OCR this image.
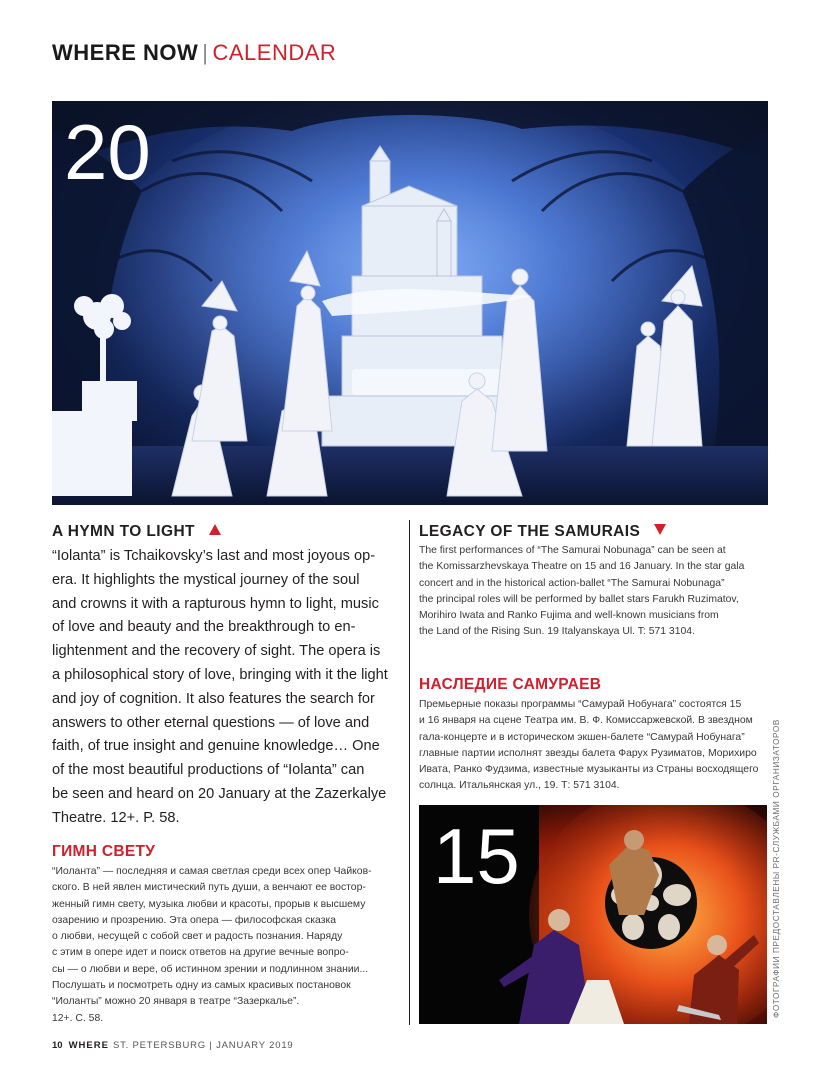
WHERE NOW | CALENDAR
20
A HYMN TO LIGHT
“Iolanta” is Tchaikovsky’s last and most joyous op-
era. It highlights the mystical journey of the soul
and crowns it with a rapturous hymn to light, music
of love and beauty and the breakthrough to en-
lightenment and the recovery of sight. The opera is
a philosophical story of love, bringing with it the light
and joy of cognition. It also features the search for
answers to other eternal questions — of love and
faith, of true insight and genuine knowledge… One
of the most beautiful productions of “Iolanta” can
be seen and heard on 20 January at the Zazerkalye
Theatre. 12+. P. 58.
ГИМН СВЕТУ
“Иоланта” — последняя и самая светлая среди всех опер Чайков-
ского. В ней явлен мистический путь души, а венчают ее востор-
женный гимн свету, музыка любви и красоты, прорыв к высшему
озарению и прозрению. Эта опера — философская сказка
о любви, несущей с собой свет и радость познания. Наряду
с этим в опере идет и поиск ответов на другие вечные вопро-
сы — о любви и вере, об истинном зрении и подлинном знании...
Послушать и посмотреть одну из самых красивых постановок
“Иоланты” можно 20 января в театре “Зазеркалье”.
12+. С. 58.
LEGACY OF THE SAMURAIS
The first performances of “The Samurai Nobunaga” can be seen at
the Komissarzhevskaya Theatre on 15 and 16 January. In the star gala
concert and in the historical action-ballet “The Samurai Nobunaga”
the principal roles will be performed by ballet stars Farukh Ruzimatov,
Morihiro Iwata and Ranko Fujima and well-known musicians from
the Land of the Rising Sun. 19 Italyanskaya Ul. T: 571 3104.
НАСЛЕДИЕ САМУРАЕВ
Премьерные показы программы “Самурай Нобунага” состоятся 15
и 16 января на сцене Театра им. В. Ф. Комиссаржевской. В звездном
гала-концерте и в историческом экшен-балете “Самурай Нобунага”
главные партии исполнят звезды балета Фарух Рузиматов, Морихиро
Ивата, Ранко Фудзима, известные музыканты из Страны восходящего
солнца. Итальянская ул., 19. Т: 571 3104.
15	ФОТОГРАФИИ ПРЕДОСТАВЛЕНЫ PR-СЛУЖБАМИ ОРГАНИЗАТОРОВ
10 WHERE ST. PETERSBURG | JANUARY 2019
